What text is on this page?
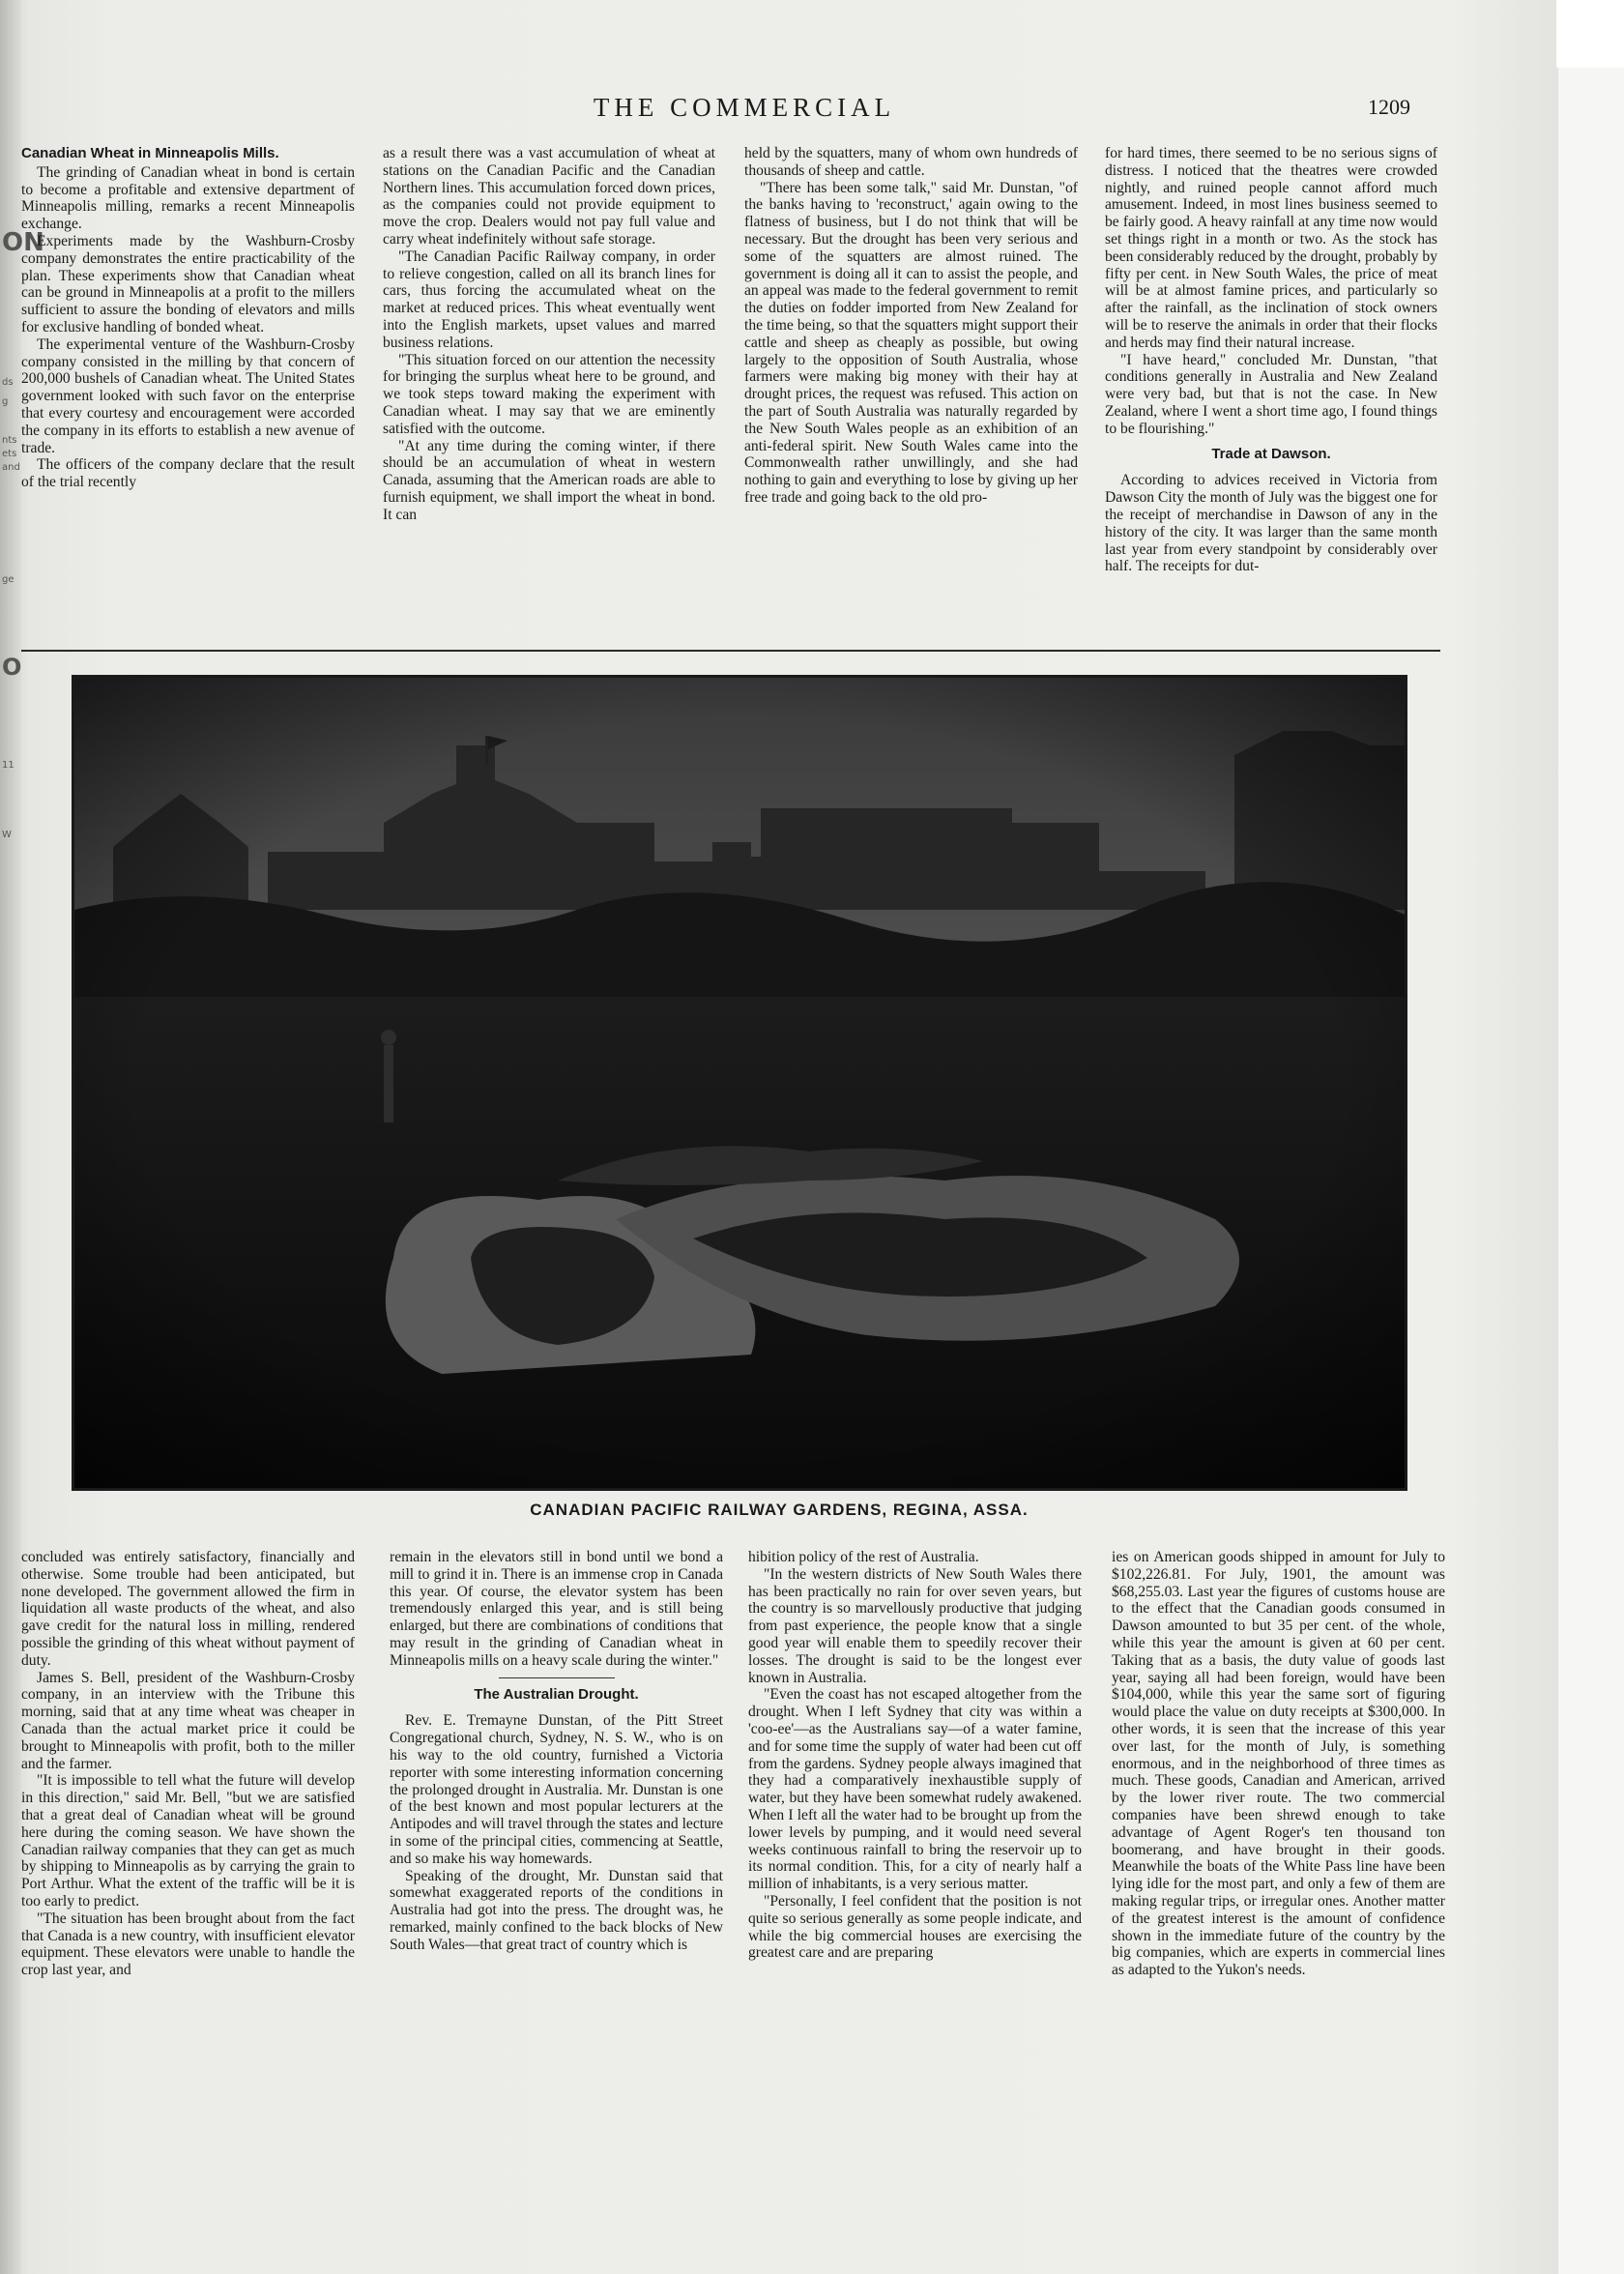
ON
ds
g
nts
ets
and
ge
O
11
W
THE COMMERCIAL	1209
Canadian Wheat in Minneapolis Mills.

The grinding of Canadian wheat in bond is certain to become a profitable and extensive department of Minneapolis milling, remarks a recent Minneapolis exchange.

Experiments made by the Washburn-Crosby company demonstrates the entire practicability of the plan. These experiments show that Canadian wheat can be ground in Minneapolis at a profit to the millers sufficient to assure the bonding of elevators and mills for exclusive handling of bonded wheat.

The experimental venture of the Washburn-Crosby company consisted in the milling by that concern of 200,000 bushels of Canadian wheat. The United States government looked with such favor on the enterprise that every courtesy and encouragement were accorded the company in its efforts to establish a new avenue of trade.

The officers of the company declare that the result of the trial recently

as a result there was a vast accumulation of wheat at stations on the Canadian Pacific and the Canadian Northern lines. This accumulation forced down prices, as the companies could not provide equipment to move the crop. Dealers would not pay full value and carry wheat indefinitely without safe storage.

"The Canadian Pacific Railway company, in order to relieve congestion, called on all its branch lines for cars, thus forcing the accumulated wheat on the market at reduced prices. This wheat eventually went into the English markets, upset values and marred business relations.

"This situation forced on our attention the necessity for bringing the surplus wheat here to be ground, and we took steps toward making the experiment with Canadian wheat. I may say that we are eminently satisfied with the outcome.

"At any time during the coming winter, if there should be an accumulation of wheat in western Canada, assuming that the American roads are able to furnish equipment, we shall import the wheat in bond. It can

held by the squatters, many of whom own hundreds of thousands of sheep and cattle.

"There has been some talk," said Mr. Dunstan, "of the banks having to 'reconstruct,' again owing to the flatness of business, but I do not think that will be necessary. But the drought has been very serious and some of the squatters are almost ruined. The government is doing all it can to assist the people, and an appeal was made to the federal government to remit the duties on fodder imported from New Zealand for the time being, so that the squatters might support their cattle and sheep as cheaply as possible, but owing largely to the opposition of South Australia, whose farmers were making big money with their hay at drought prices, the request was refused. This action on the part of South Australia was naturally regarded by the New South Wales people as an exhibition of an anti-federal spirit. New South Wales came into the Commonwealth rather unwillingly, and she had nothing to gain and everything to lose by giving up her free trade and going back to the old pro-

for hard times, there seemed to be no serious signs of distress. I noticed that the theatres were crowded nightly, and ruined people cannot afford much amusement. Indeed, in most lines business seemed to be fairly good. A heavy rainfall at any time now would set things right in a month or two. As the stock has been considerably reduced by the drought, probably by fifty per cent. in New South Wales, the price of meat will be at almost famine prices, and particularly so after the rainfall, as the inclination of stock owners will be to reserve the animals in order that their flocks and herds may find their natural increase.

"I have heard," concluded Mr. Dunstan, "that conditions generally in Australia and New Zealand were very bad, but that is not the case. In New Zealand, where I went a short time ago, I found things to be flourishing."

Trade at Dawson.

According to advices received in Victoria from Dawson City the month of July was the biggest one for the receipt of merchandise in Dawson of any in the history of the city. It was larger than the same month last year from every standpoint by considerably over half. The receipts for dut-

CANADIAN PACIFIC RAILWAY GARDENS, REGINA, ASSA.

concluded was entirely satisfactory, financially and otherwise. Some trouble had been anticipated, but none developed. The government allowed the firm in liquidation all waste products of the wheat, and also gave credit for the natural loss in milling, rendered possible the grinding of this wheat without payment of duty.

James S. Bell, president of the Washburn-Crosby company, in an interview with the Tribune this morning, said that at any time wheat was cheaper in Canada than the actual market price it could be brought to Minneapolis with profit, both to the miller and the farmer.

"It is impossible to tell what the future will develop in this direction," said Mr. Bell, "but we are satisfied that a great deal of Canadian wheat will be ground here during the coming season. We have shown the Canadian railway companies that they can get as much by shipping to Minneapolis as by carrying the grain to Port Arthur. What the extent of the traffic will be it is too early to predict.

"The situation has been brought about from the fact that Canada is a new country, with insufficient elevator equipment. These elevators were unable to handle the crop last year, and

remain in the elevators still in bond until we bond a mill to grind it in. There is an immense crop in Canada this year. Of course, the elevator system has been tremendously enlarged this year, and is still being enlarged, but there are combinations of conditions that may result in the grinding of Canadian wheat in Minneapolis mills on a heavy scale during the winter."

The Australian Drought.

Rev. E. Tremayne Dunstan, of the Pitt Street Congregational church, Sydney, N. S. W., who is on his way to the old country, furnished a Victoria reporter with some interesting information concerning the prolonged drought in Australia. Mr. Dunstan is one of the best known and most popular lecturers at the Antipodes and will travel through the states and lecture in some of the principal cities, commencing at Seattle, and so make his way homewards.

Speaking of the drought, Mr. Dunstan said that somewhat exaggerated reports of the conditions in Australia had got into the press. The drought was, he remarked, mainly confined to the back blocks of New South Wales—that great tract of country which is

hibition policy of the rest of Australia.

"In the western districts of New South Wales there has been practically no rain for over seven years, but the country is so marvellously productive that judging from past experience, the people know that a single good year will enable them to speedily recover their losses. The drought is said to be the longest ever known in Australia.

"Even the coast has not escaped altogether from the drought. When I left Sydney that city was within a 'coo-ee'—as the Australians say—of a water famine, and for some time the supply of water had been cut off from the gardens. Sydney people always imagined that they had a comparatively inexhaustible supply of water, but they have been somewhat rudely awakened. When I left all the water had to be brought up from the lower levels by pumping, and it would need several weeks continuous rainfall to bring the reservoir up to its normal condition. This, for a city of nearly half a million of inhabitants, is a very serious matter.

"Personally, I feel confident that the position is not quite so serious generally as some people indicate, and while the big commercial houses are exercising the greatest care and are preparing

ies on American goods shipped in amount for July to $102,226.81. For July, 1901, the amount was $68,255.03. Last year the figures of customs house are to the effect that the Canadian goods consumed in Dawson amounted to but 35 per cent. of the whole, while this year the amount is given at 60 per cent. Taking that as a basis, the duty value of goods last year, saying all had been foreign, would have been $104,000, while this year the same sort of figuring would place the value on duty receipts at $300,000. In other words, it is seen that the increase of this year over last, for the month of July, is something enormous, and in the neighborhood of three times as much. These goods, Canadian and American, arrived by the lower river route. The two commercial companies have been shrewd enough to take advantage of Agent Roger's ten thousand ton boomerang, and have brought in their goods. Meanwhile the boats of the White Pass line have been lying idle for the most part, and only a few of them are making regular trips, or irregular ones. Another matter of the greatest interest is the amount of confidence shown in the immediate future of the country by the big companies, which are experts in commercial lines as adapted to the Yukon's needs.
